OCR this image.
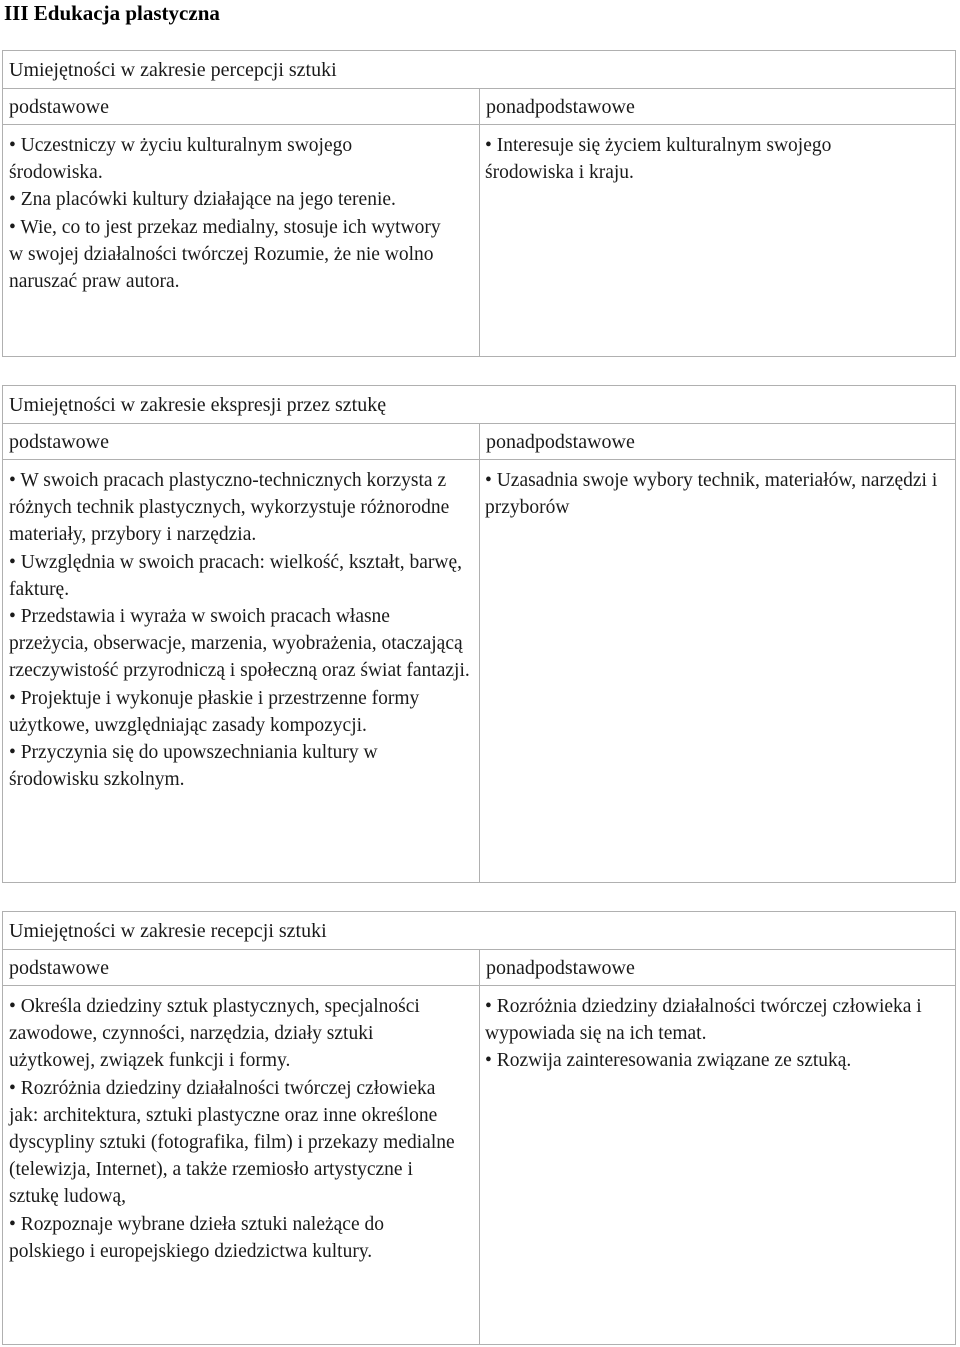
III Edukacja plastyczna
Umiejętności w zakresie percepcji sztuki
podstawowe

• Uczestniczy w życiu kulturalnym swojego środowiska.

• Zna placówki kultury działające na jego terenie.

• Wie, co to jest przekaz medialny, stosuje ich wytwory w swojej działalności twórczej Rozumie, że nie wolno naruszać praw autora.

ponadpodstawowe

• Interesuje się życiem kulturalnym swojego środowiska i kraju.

Umiejętności w zakresie ekspresji przez sztukę
podstawowe

• W swoich pracach plastyczno-technicznych korzysta z różnych technik plastycznych, wykorzystuje różnorodne materiały, przybory i narzędzia.

• Uwzględnia w swoich pracach: wielkość, kształt, barwę, fakturę.

• Przedstawia i wyraża w swoich pracach własne przeżycia, obserwacje, marzenia, wyobrażenia, otaczającą rzeczywistość przyrodniczą i społeczną oraz świat fantazji.

• Projektuje i wykonuje płaskie i przestrzenne formy użytkowe, uwzględniając zasady kompozycji.

• Przyczynia się do upowszechniania kultury w środowisku szkolnym.

ponadpodstawowe

• Uzasadnia swoje wybory technik, materiałów, narzędzi i przyborów

Umiejętności w zakresie recepcji sztuki
podstawowe

• Określa dziedziny sztuk plastycznych, specjalności zawodowe, czynności, narzędzia, działy sztuki użytkowej, związek funkcji i formy.

• Rozróżnia dziedziny działalności twórczej człowieka jak: architektura, sztuki plastyczne oraz inne określone dyscypliny sztuki (fotografika, film) i przekazy medialne (telewizja, Internet), a także rzemiosło artystyczne i sztukę ludową,

• Rozpoznaje wybrane dzieła sztuki należące do polskiego i europejskiego dziedzictwa kultury.

ponadpodstawowe

• Rozróżnia dziedziny działalności twórczej człowieka i wypowiada się na ich temat.

• Rozwija zainteresowania związane ze sztuką.
